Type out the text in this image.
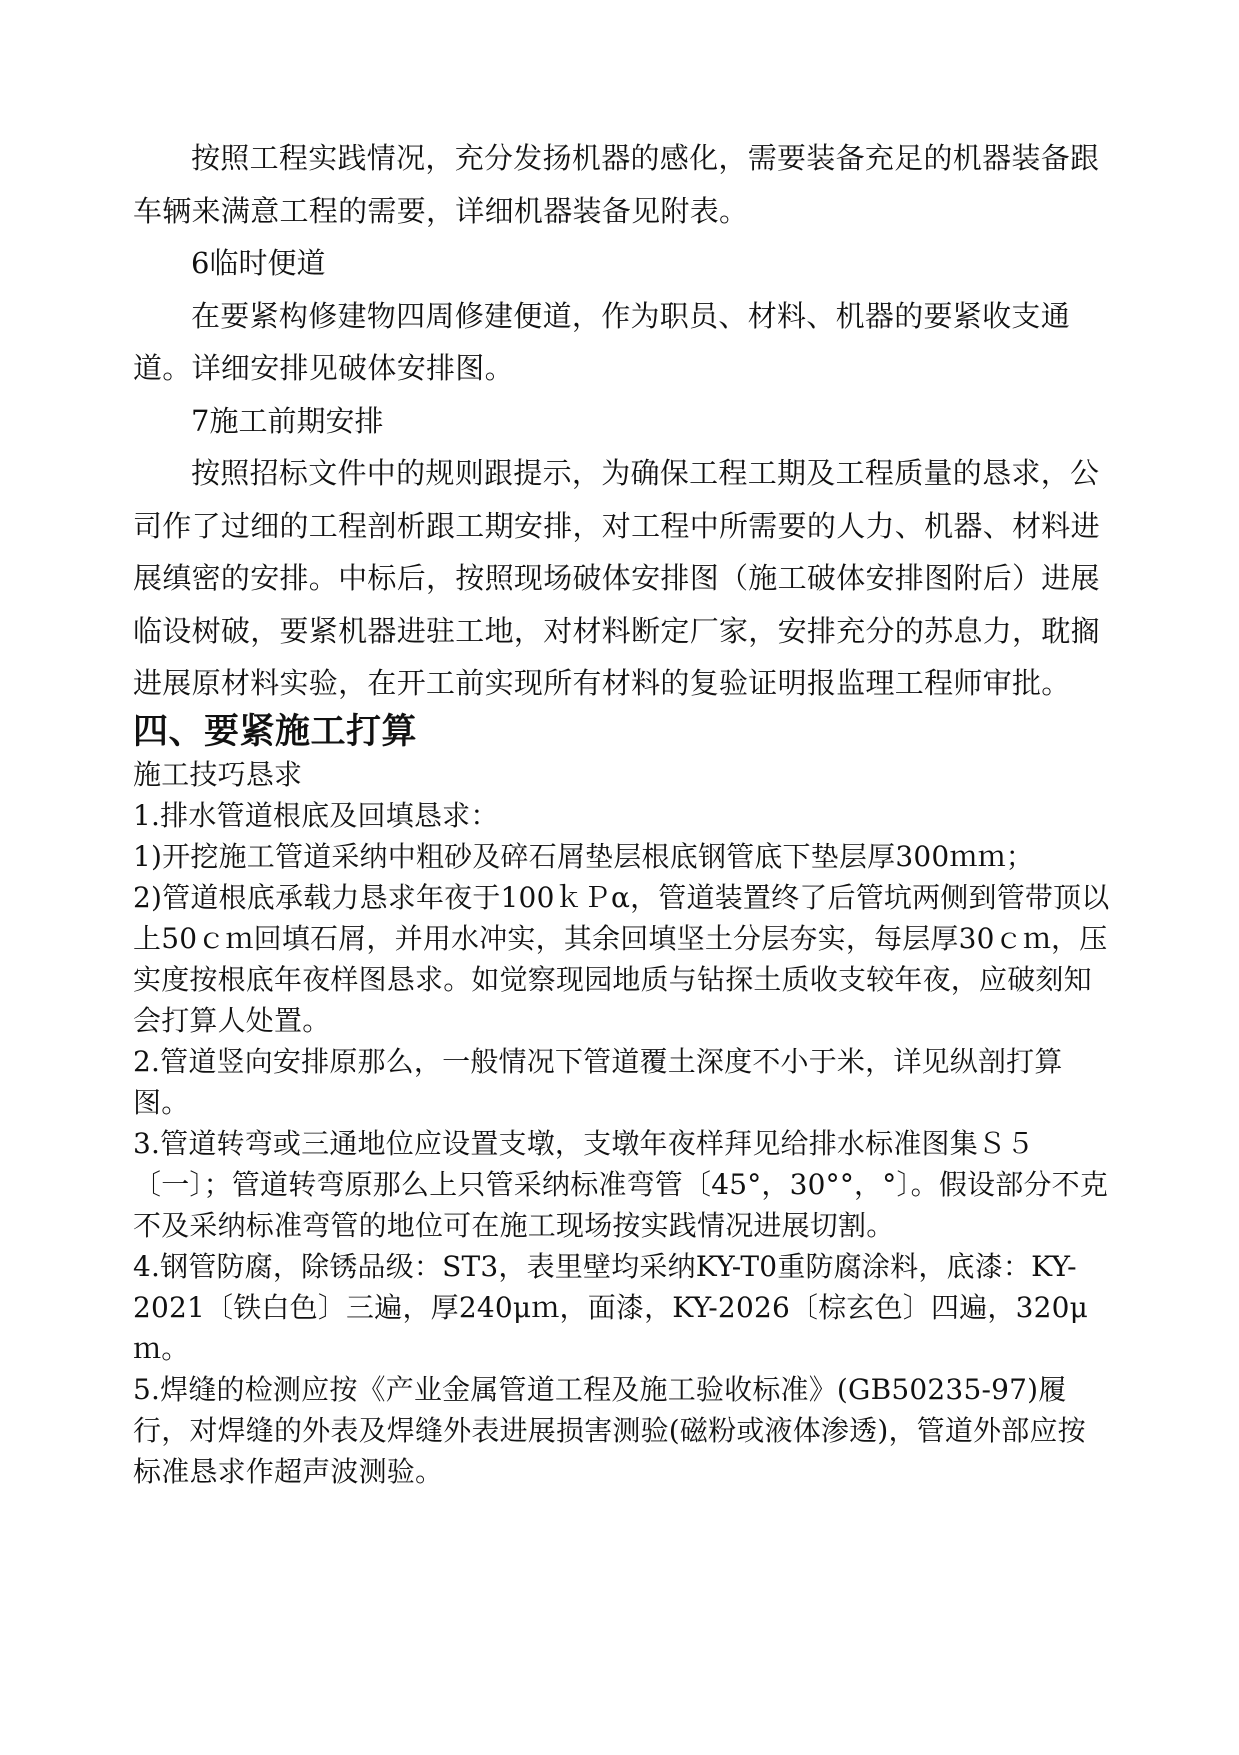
按照工程实践情况，充分发扬机器的感化，需要装备充足的机器装备跟车辆来满意工程的需要，详细机器装备见附表。

6临时便道

在要紧构修建物四周修建便道，作为职员、材料、机器的要紧收支通道。详细安排见破体安排图。

7施工前期安排

按照招标文件中的规则跟提示，为确保工程工期及工程质量的恳求，公司作了过细的工程剖析跟工期安排，对工程中所需要的人力、机器、材料进展缜密的安排。中标后，按照现场破体安排图（施工破体安排图附后）进展临设树破，要紧机器进驻工地，对材料断定厂家，安排充分的苏息力，耽搁进展原材料实验，在开工前实现所有材料的复验证明报监理工程师审批。

四、要紧施工打算

施工技巧恳求

1.排水管道根底及回填恳求：

1)开挖施工管道采纳中粗砂及碎石屑垫层根底钢管底下垫层厚300ｍｍ；

2)管道根底承载力恳求年夜于100ｋＰα，管道装置终了后管坑两侧到管带顶以上50ｃｍ回填石屑，并用水冲实，其余回填坚土分层夯实，每层厚30ｃｍ，压实度按根底年夜样图恳求。如觉察现园地质与钻探土质收支较年夜，应破刻知会打算人处置。

2.管道竖向安排原那么，一般情况下管道覆土深度不小于米，详见纵剖打算图。

3.管道转弯或三通地位应设置支墩，支墩年夜样拜见给排水标准图集Ｓ５〔一〕；管道转弯原那么上只管采纳标准弯管〔45°，30°°，°〕。假设部分不克不及采纳标准弯管的地位可在施工现场按实践情况进展切割。

4.钢管防腐，除锈品级：ST3，表里壁均采纳KY-T0重防腐涂料，底漆：KY-2021〔铁白色〕三遍，厚240μｍ，面漆，KY-2026〔棕玄色〕四遍，320μｍ。

5.焊缝的检测应按《产业金属管道工程及施工验收标准》(GB50235-97)履行，对焊缝的外表及焊缝外表进展损害测验(磁粉或液体渗透)，管道外部应按标准恳求作超声波测验。
